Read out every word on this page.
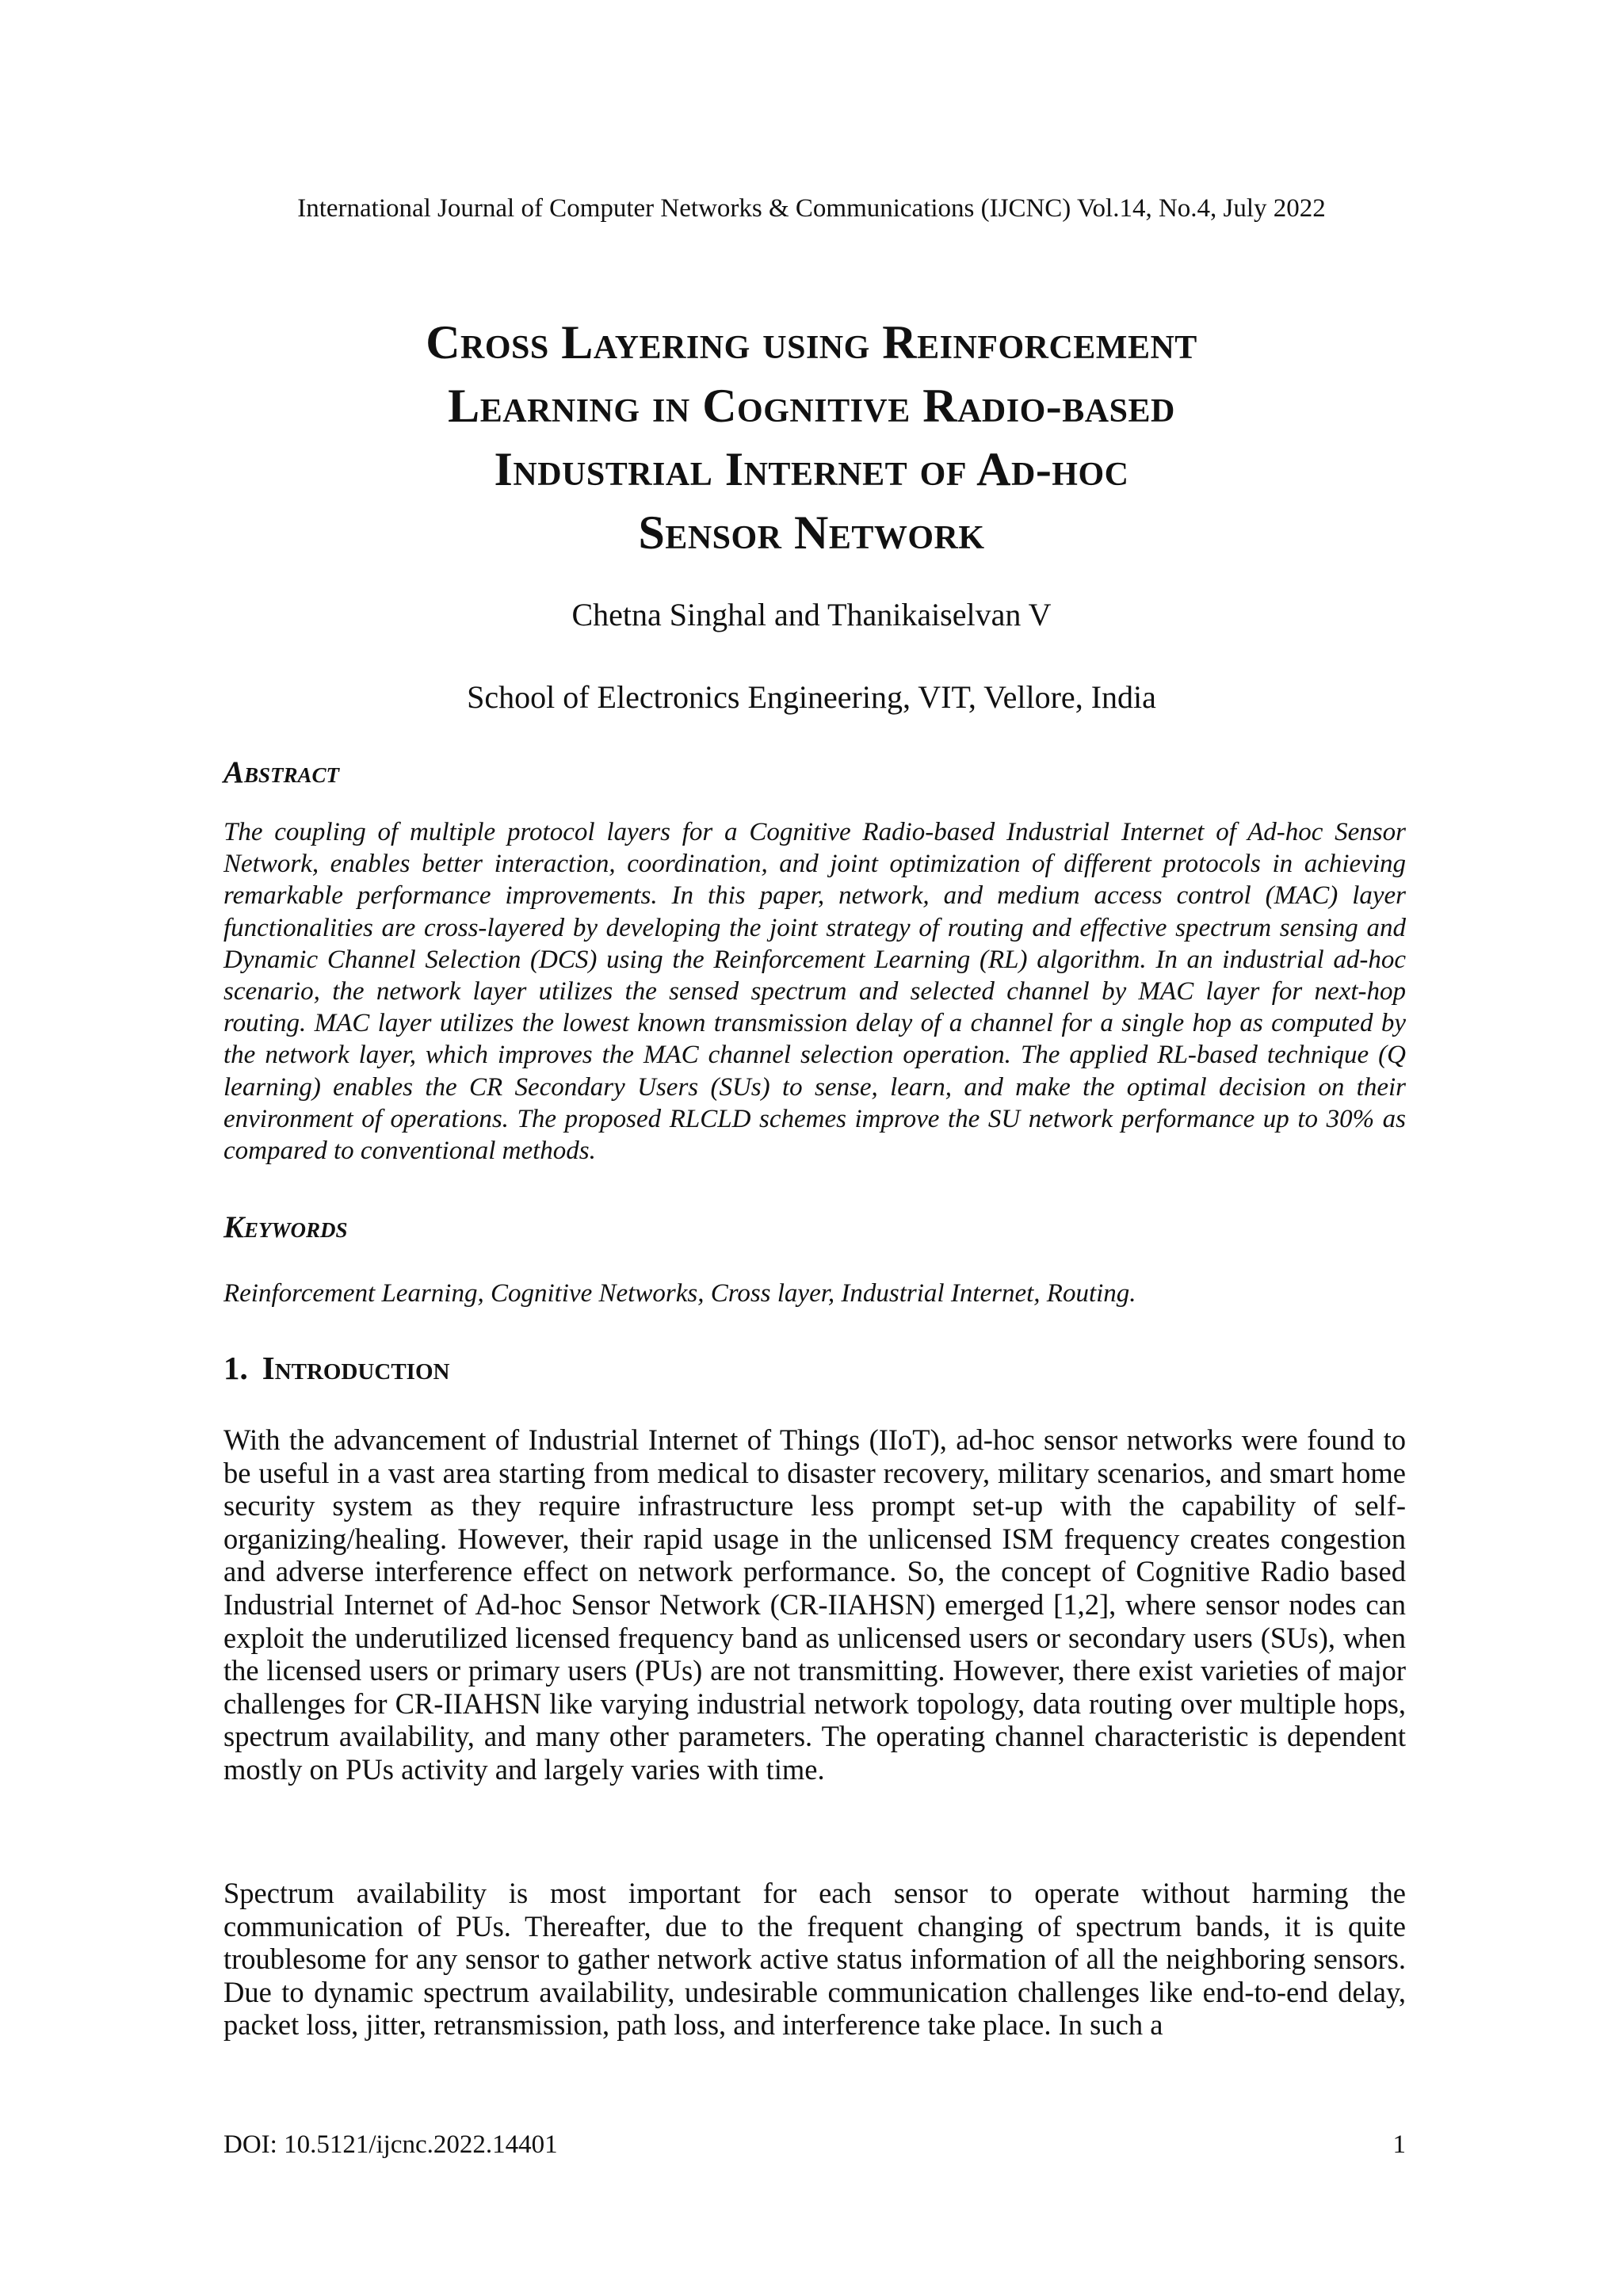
International Journal of Computer Networks & Communications (IJCNC) Vol.14, No.4, July 2022
Cross Layering using Reinforcement
Learning in Cognitive Radio-based
Industrial Internet of Ad-hoc
Sensor Network
Chetna Singhal and Thanikaiselvan V
School of Electronics Engineering, VIT, Vellore, India
Abstract
The coupling of multiple protocol layers for a Cognitive Radio-based Industrial Internet of Ad-hoc Sensor Network, enables better interaction, coordination, and joint optimization of different protocols in achieving remarkable performance improvements. In this paper, network, and medium access control (MAC) layer functionalities are cross-layered by developing the joint strategy of routing and effective spectrum sensing and Dynamic Channel Selection (DCS) using the Reinforcement Learning (RL) algorithm. In an industrial ad-hoc scenario, the network layer utilizes the sensed spectrum and selected channel by MAC layer for next-hop routing. MAC layer utilizes the lowest known transmission delay of a channel for a single hop as computed by the network layer, which improves the MAC channel selection operation. The applied RL-based technique (Q learning) enables the CR Secondary Users (SUs) to sense, learn, and make the optimal decision on their environment of operations. The proposed RLCLD schemes improve the SU network performance up to 30% as compared to conventional methods.
Keywords
Reinforcement Learning, Cognitive Networks, Cross layer, Industrial Internet, Routing.
1. Introduction
With the advancement of Industrial Internet of Things (IIoT), ad-hoc sensor networks were found to be useful in a vast area starting from medical to disaster recovery, military scenarios, and smart home security system as they require infrastructure less prompt set-up with the capability of self-organizing/healing. However, their rapid usage in the unlicensed ISM frequency creates congestion and adverse interference effect on network performance. So, the concept of Cognitive Radio based Industrial Internet of Ad-hoc Sensor Network (CR-IIAHSN) emerged [1,2], where sensor nodes can exploit the underutilized licensed frequency band as unlicensed users or secondary users (SUs), when the licensed users or primary users (PUs) are not transmitting. However, there exist varieties of major challenges for CR-IIAHSN like varying industrial network topology, data routing over multiple hops, spectrum availability, and many other parameters. The operating channel characteristic is dependent mostly on PUs activity and largely varies with time.
Spectrum availability is most important for each sensor to operate without harming the communication of PUs. Thereafter, due to the frequent changing of spectrum bands, it is quite troublesome for any sensor to gather network active status information of all the neighboring sensors. Due to dynamic spectrum availability, undesirable communication challenges like end-to-end delay, packet loss, jitter, retransmission, path loss, and interference take place. In such a
DOI: 10.5121/ijcnc.2022.14401	1
